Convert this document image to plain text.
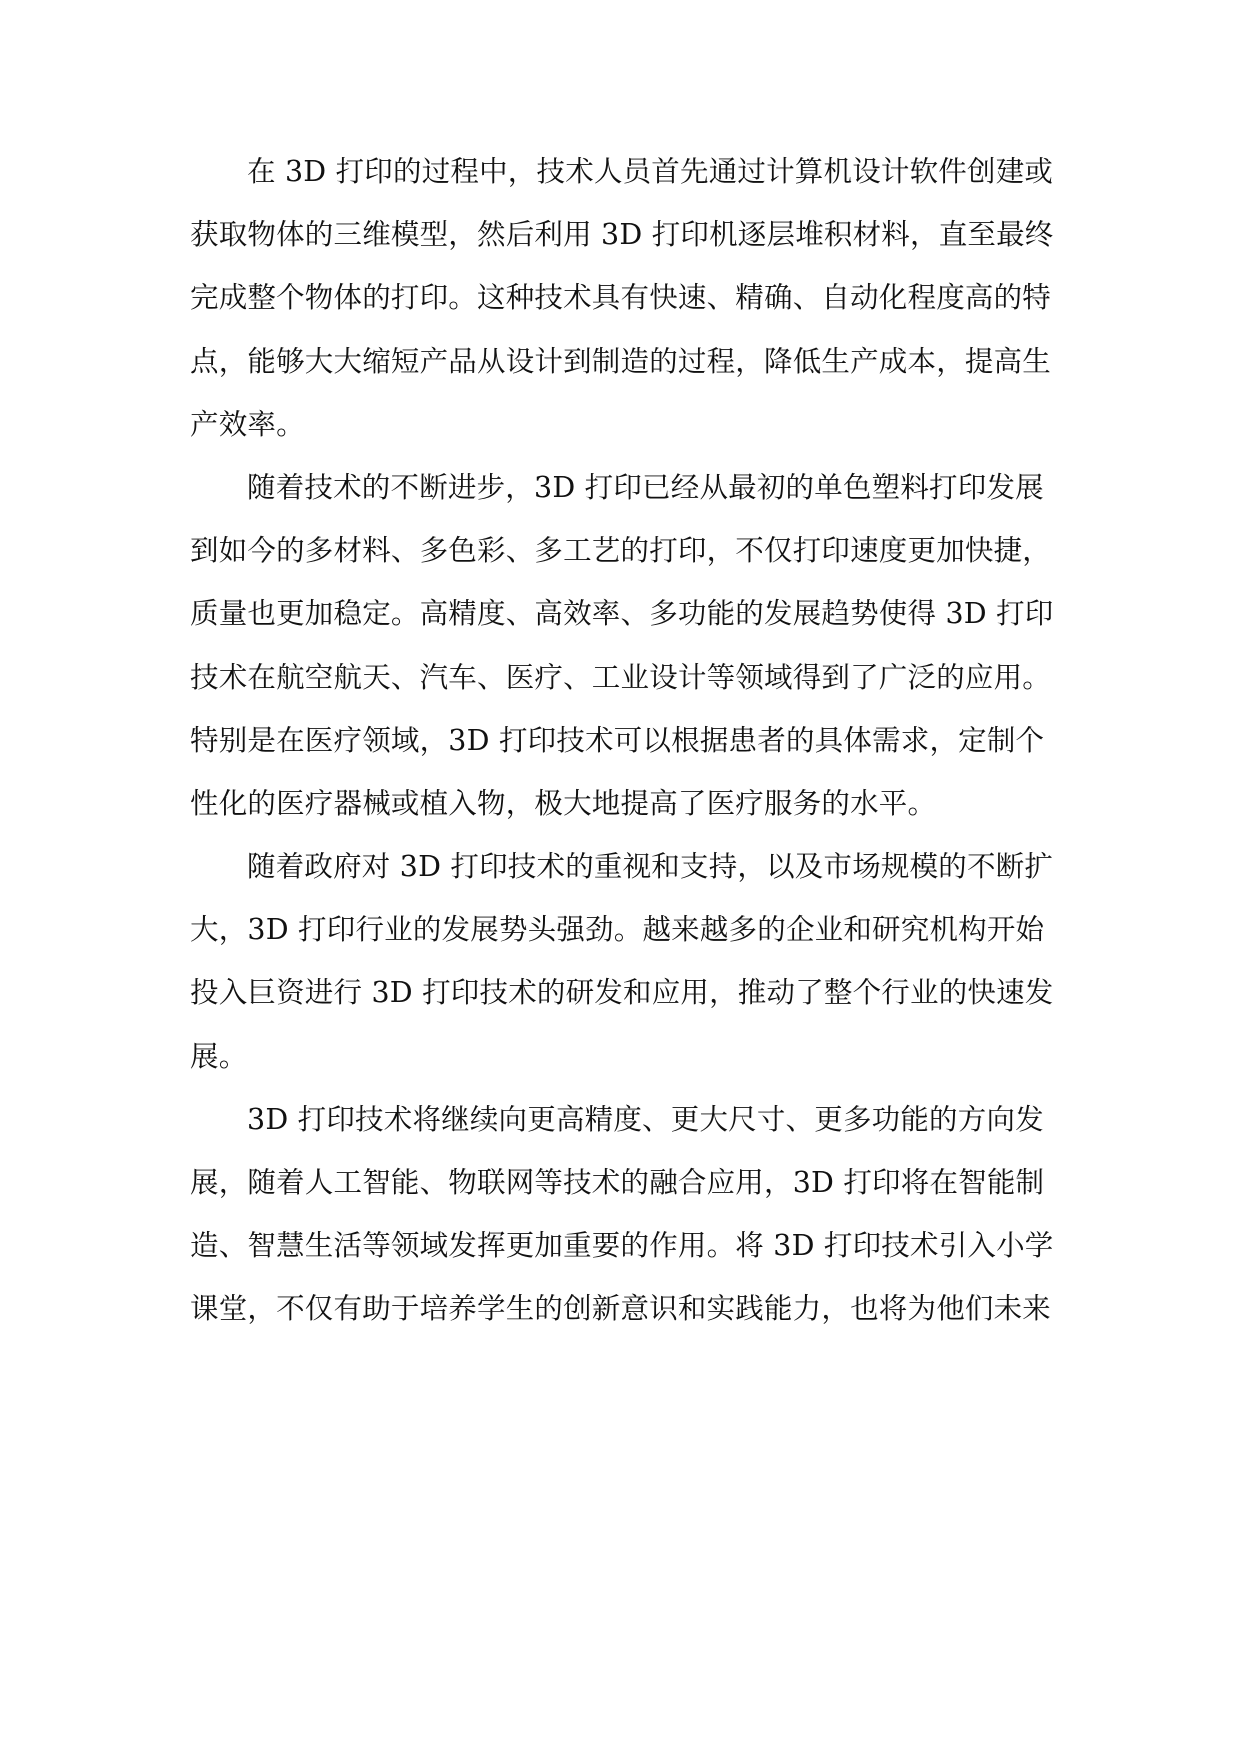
在 3D 打印的过程中，技术人员首先通过计算机设计软件创建或
获取物体的三维模型，然后利用 3D 打印机逐层堆积材料，直至最终
完成整个物体的打印。这种技术具有快速、精确、自动化程度高的特
点，能够大大缩短产品从设计到制造的过程，降低生产成本，提高生
产效率。
随着技术的不断进步，3D 打印已经从最初的单色塑料打印发展
到如今的多材料、多色彩、多工艺的打印，不仅打印速度更加快捷，
质量也更加稳定。高精度、高效率、多功能的发展趋势使得 3D 打印
技术在航空航天、汽车、医疗、工业设计等领域得到了广泛的应用。
特别是在医疗领域，3D 打印技术可以根据患者的具体需求，定制个
性化的医疗器械或植入物，极大地提高了医疗服务的水平。
随着政府对 3D 打印技术的重视和支持，以及市场规模的不断扩
大，3D 打印行业的发展势头强劲。越来越多的企业和研究机构开始
投入巨资进行 3D 打印技术的研发和应用，推动了整个行业的快速发
展。
3D 打印技术将继续向更高精度、更大尺寸、更多功能的方向发
展，随着人工智能、物联网等技术的融合应用，3D 打印将在智能制
造、智慧生活等领域发挥更加重要的作用。将 3D 打印技术引入小学
课堂，不仅有助于培养学生的创新意识和实践能力，也将为他们未来
